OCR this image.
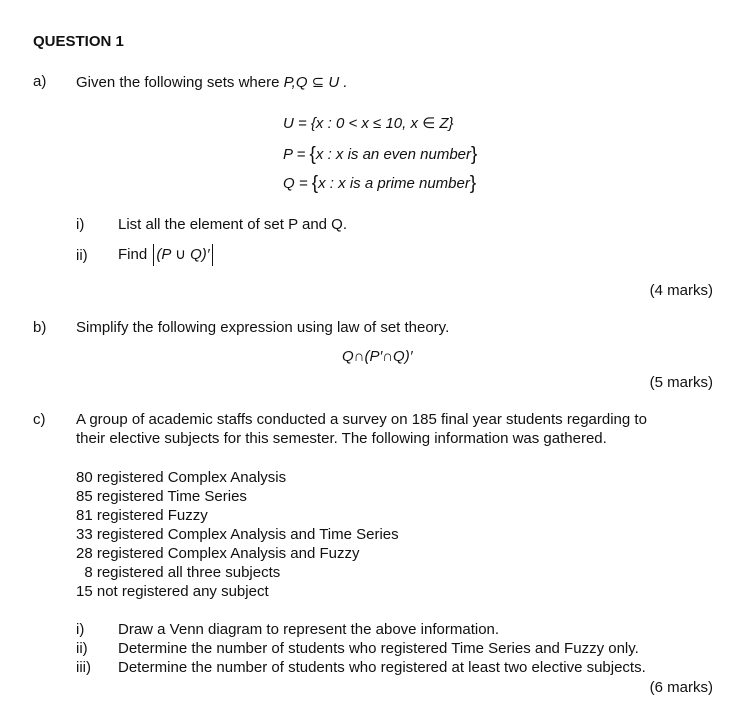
QUESTION 1
a) Given the following sets where P,Q ⊆ U .
U = {x : 0 < x ≤ 10, x ∈ Z}
P = {x : x is an even number}
Q = {x : x is a prime number}
i) List all the element of set P and Q.
ii) Find (P ∪ Q)′
(4 marks)
b) Simplify the following expression using law of set theory.
Q∩(P′∩Q)′
(5 marks)
c) A group of academic staffs conducted a survey on 185 final year students regarding to
their elective subjects for this semester. The following information was gathered.
80 registered Complex Analysis
85 registered Time Series
81 registered Fuzzy
33 registered Complex Analysis and Time Series
28 registered Complex Analysis and Fuzzy
8 registered all three subjects
15 not registered any subject
i) Draw a Venn diagram to represent the above information.
ii) Determine the number of students who registered Time Series and Fuzzy only.
iii) Determine the number of students who registered at least two elective subjects.
(6 marks)
